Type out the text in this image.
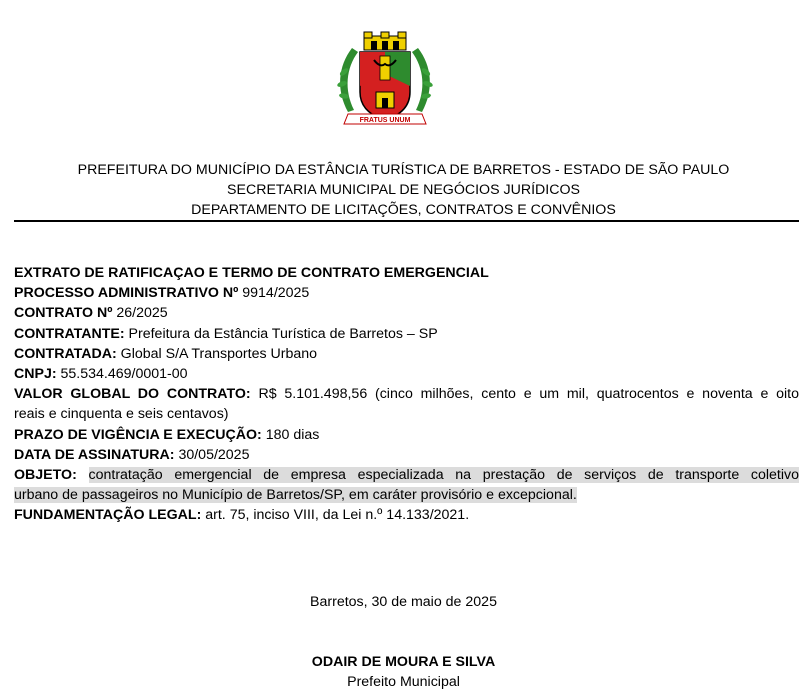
FRATUS UNUM
PREFEITURA DO MUNICÍPIO DA ESTÂNCIA TURÍSTICA DE BARRETOS - ESTADO DE SÃO PAULO
SECRETARIA MUNICIPAL DE NEGÓCIOS JURÍDICOS
DEPARTAMENTO DE LICITAÇÕES, CONTRATOS E CONVÊNIOS
EXTRATO DE RATIFICAÇAO E TERMO DE CONTRATO EMERGENCIAL
PROCESSO ADMINISTRATIVO Nº 9914/2025
CONTRATO Nº 26/2025
CONTRATANTE: Prefeitura da Estância Turística de Barretos – SP
CONTRATADA: Global S/A Transportes Urbano
CNPJ: 55.534.469/0001-00
VALOR GLOBAL DO CONTRATO: R$ 5.101.498,56 (cinco milhões, cento e um mil, quatrocentos e noventa e oito
reais e cinquenta e seis centavos)
PRAZO DE VIGÊNCIA E EXECUÇÃO: 180 dias
DATA DE ASSINATURA: 30/05/2025
OBJETO: contratação emergencial de empresa especializada na prestação de serviços de transporte coletivo
urbano de passageiros no Município de Barretos/SP, em caráter provisório e excepcional.
FUNDAMENTAÇÃO LEGAL: art. 75, inciso VIII, da Lei n.º 14.133/2021.
Barretos, 30 de maio de 2025
ODAIR DE MOURA E SILVA
Prefeito Municipal
